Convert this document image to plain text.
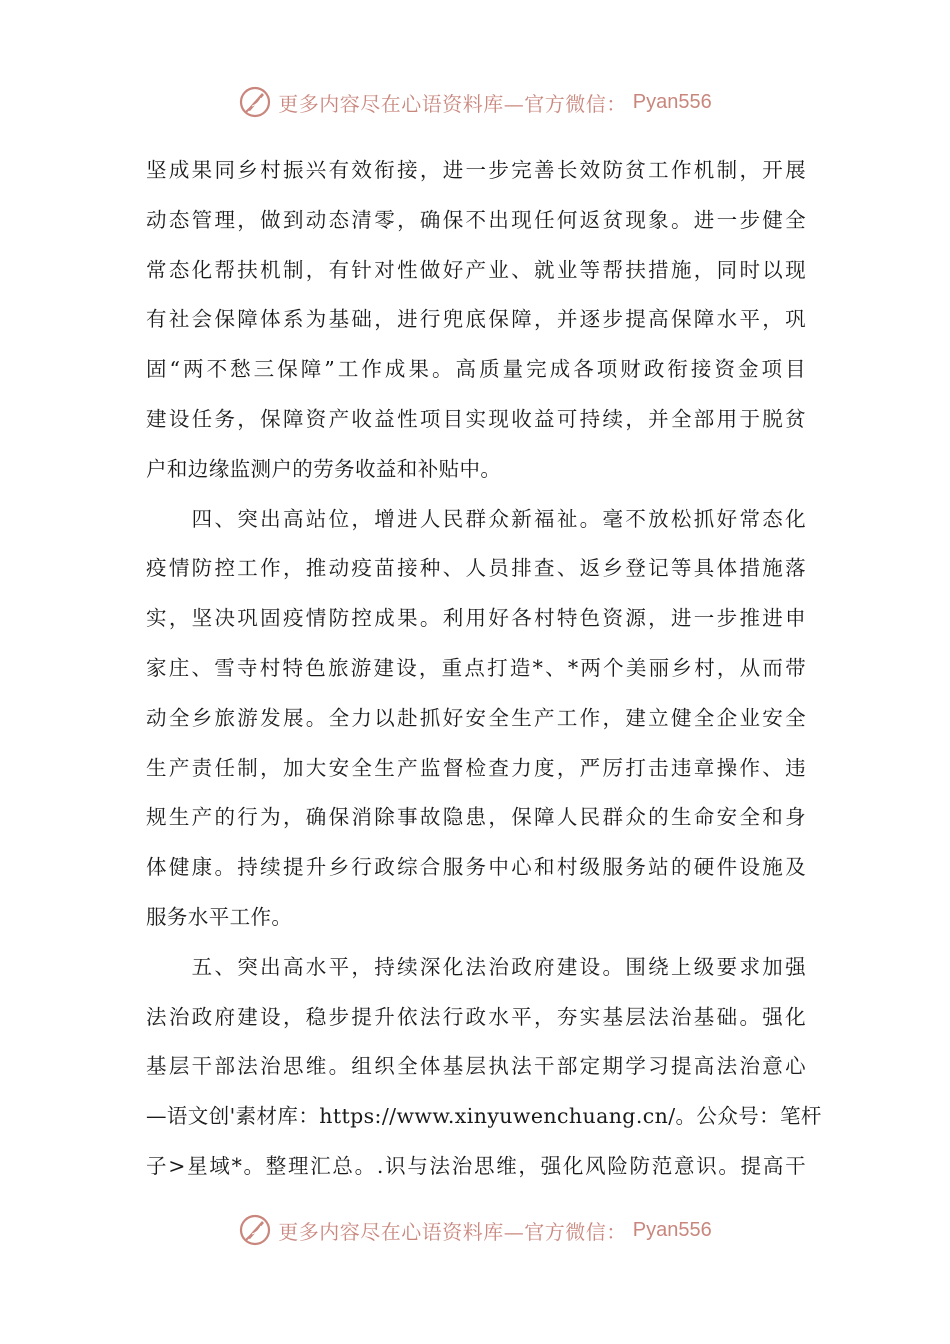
更多内容尽在心语资料库—官方微信： Pyan556
坚成果同乡村振兴有效衔接，进一步完善长效防贫工作机制，开展
动态管理，做到动态清零，确保不出现任何返贫现象。进一步健全
常态化帮扶机制，有针对性做好产业、就业等帮扶措施，同时以现
有社会保障体系为基础，进行兜底保障，并逐步提高保障水平，巩
固“两不愁三保障”工作成果。高质量完成各项财政衔接资金项目
建设任务，保障资产收益性项目实现收益可持续，并全部用于脱贫
户和边缘监测户的劳务收益和补贴中。
　　四、突出高站位，增进人民群众新福祉。毫不放松抓好常态化
疫情防控工作，推动疫苗接种、人员排查、返乡登记等具体措施落
实，坚决巩固疫情防控成果。利用好各村特色资源，进一步推进申
家庄、雪寺村特色旅游建设，重点打造*、*两个美丽乡村，从而带
动全乡旅游发展。全力以赴抓好安全生产工作，建立健全企业安全
生产责任制，加大安全生产监督检查力度，严厉打击违章操作、违
规生产的行为，确保消除事故隐患，保障人民群众的生命安全和身
体健康。持续提升乡行政综合服务中心和村级服务站的硬件设施及
服务水平工作。
　　五、突出高水平，持续深化法治政府建设。围绕上级要求加强
法治政府建设，稳步提升依法行政水平，夯实基层法治基础。强化
基层干部法治思维。组织全体基层执法干部定期学习提高法治意心
—语文创'素材库：https://www.xinyuwenchuang.cn/。公众号：笔杆
子>星域*。整理汇总。.识与法治思维，强化风险防范意识。提高干
更多内容尽在心语资料库—官方微信： Pyan556
